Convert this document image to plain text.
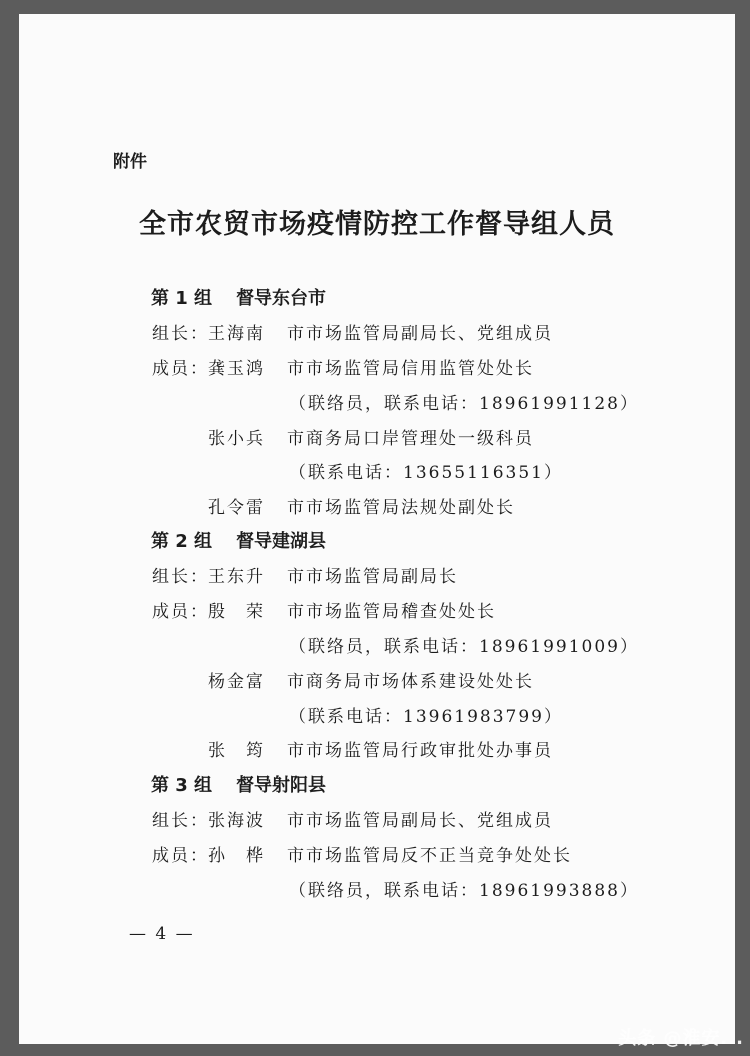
附件
全市农贸市场疫情防控工作督导组人员
第 1 组 督导东台市
组长： 王海南 市市场监管局副局长、党组成员
成员： 龚玉鸿 市市场监管局信用监管处处长
（联络员，联系电话：18961991128）
张小兵 市商务局口岸管理处一级科员
（联系电话：13655116351）
孔令雷 市市场监管局法规处副处长
第 2 组 督导建湖县
组长： 王东升 市市场监管局副局长
成员： 殷　荣 市市场监管局稽查处处长
（联络员，联系电话：18961991009）
杨金富 市商务局市场体系建设处处长
（联系电话：13961983799）
张　筠 市市场监管局行政审批处办事员
第 3 组 督导射阳县
组长： 张海波 市市场监管局副局长、党组成员
成员： 孙　桦 市市场监管局反不正当竞争处处长
（联络员，联系电话：18961993888）
— 4 —
头条 @淮安...
